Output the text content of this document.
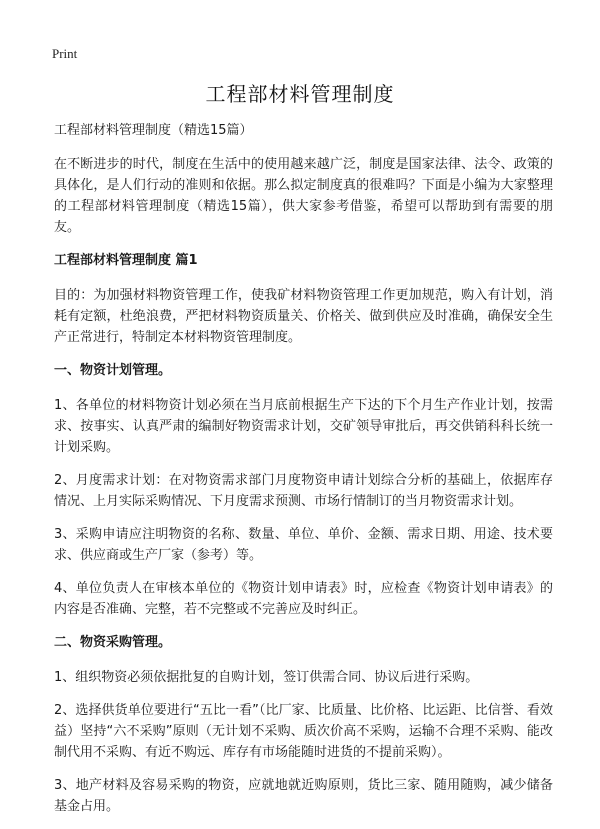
Print
工程部材料管理制度

工程部材料管理制度（精选15篇）

在不断进步的时代，制度在生活中的使用越来越广泛，制度是国家法律、法令、政策的具体化，是人们行动的准则和依据。那么拟定制度真的很难吗？下面是小编为大家整理的工程部材料管理制度（精选15篇），供大家参考借鉴，希望可以帮助到有需要的朋友。

工程部材料管理制度 篇1

目的：为加强材料物资管理工作，使我矿材料物资管理工作更加规范，购入有计划，消耗有定额，杜绝浪费，严把材料物资质量关、价格关、做到供应及时准确，确保安全生产正常进行，特制定本材料物资管理制度。

一、物资计划管理。

1、各单位的材料物资计划必须在当月底前根据生产下达的下个月生产作业计划，按需求、按事实、认真严肃的编制好物资需求计划，交矿领导审批后，再交供销科科长统一计划采购。

2、月度需求计划：在对物资需求部门月度物资申请计划综合分析的基础上，依据库存情况、上月实际采购情况、下月度需求预测、市场行情制订的当月物资需求计划。

3、采购申请应注明物资的名称、数量、单位、单价、金额、需求日期、用途、技术要求、供应商或生产厂家（参考）等。

4、单位负责人在审核本单位的《物资计划申请表》时，应检查《物资计划申请表》的内容是否准确、完整，若不完整或不完善应及时纠正。

二、物资采购管理。

1、组织物资必须依据批复的自购计划，签订供需合同、协议后进行采购。

2、选择供货单位要进行“五比一看”（比厂家、比质量、比价格、比运距、比信誉、看效益）坚持“六不采购”原则（无计划不采购、质次价高不采购，运输不合理不采购、能改制代用不采购、有近不购远、库存有市场能随时进货的不提前采购）。

3、地产材料及容易采购的物资，应就地就近购原则，货比三家、随用随购，减少储备基金占用。
